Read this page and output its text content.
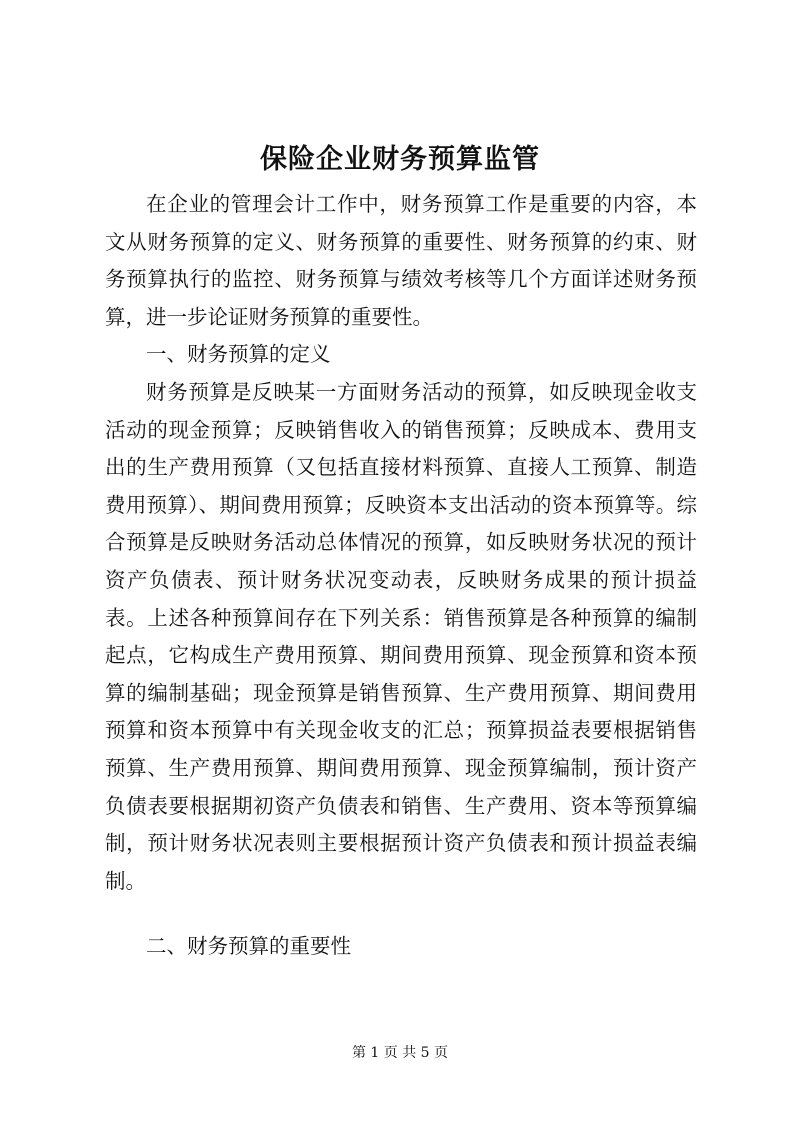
保险企业财务预算监管

在企业的管理会计工作中，财务预算工作是重要的内容，本文从财务预算的定义、财务预算的重要性、财务预算的约束、财务预算执行的监控、财务预算与绩效考核等几个方面详述财务预算，进一步论证财务预算的重要性。

一、财务预算的定义

财务预算是反映某一方面财务活动的预算，如反映现金收支活动的现金预算；反映销售收入的销售预算；反映成本、费用支出的生产费用预算（又包括直接材料预算、直接人工预算、制造费用预算）、期间费用预算；反映资本支出活动的资本预算等。综合预算是反映财务活动总体情况的预算，如反映财务状况的预计资产负债表、预计财务状况变动表，反映财务成果的预计损益表。上述各种预算间存在下列关系：销售预算是各种预算的编制起点，它构成生产费用预算、期间费用预算、现金预算和资本预算的编制基础；现金预算是销售预算、生产费用预算、期间费用预算和资本预算中有关现金收支的汇总；预算损益表要根据销售预算、生产费用预算、期间费用预算、现金预算编制，预计资产负债表要根据期初资产负债表和销售、生产费用、资本等预算编制，预计财务状况表则主要根据预计资产负债表和预计损益表编制。

二、财务预算的重要性

第 1 页 共 5 页
